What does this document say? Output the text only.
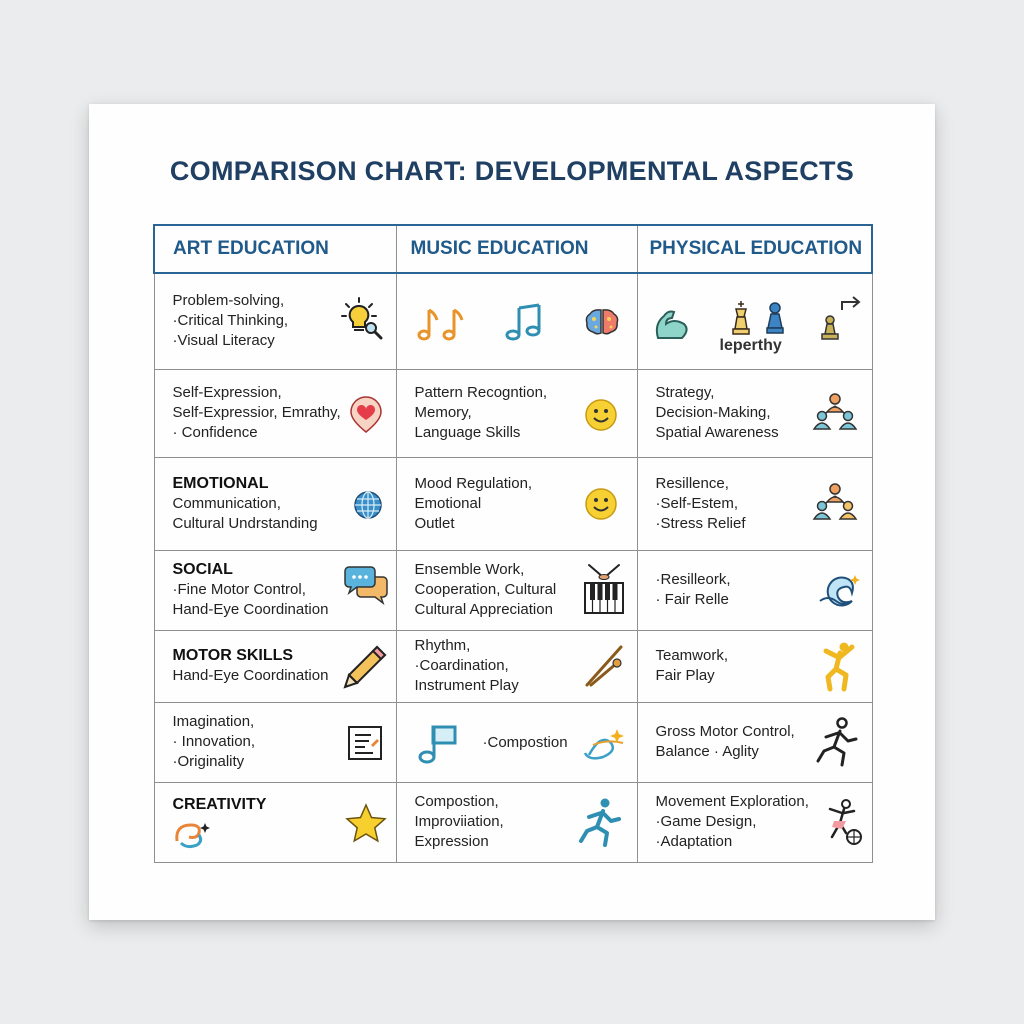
COMPARISON CHART: DEVELOPMENTAL ASPECTS
ART EDUCATION	MUSIC EDUCATION	PHYSICAL EDUCATION

Problem-solving,
·Critical Thinking,
·Visual Literacy		leperthy

Self-Expression,
Self-Expressior, Emrathy,
· Confidence	Pattern Recogntion,
Memory,
Language Skills	Strategy,
Decision-Making,
Spatial Awareness

EMOTIONAL
Communication,
Cultural Undrstanding	Mood Regulation,
Emotional
Outlet	Resillence,
·Self-Estem,
·Stress Relief

SOCIAL
·Fine Motor Control,
Hand-Eye Coordination	Ensemble Work,
Cooperation, Cultural
Cultural Appreciation	·Resilleork,
· Fair Relle

MOTOR SKILLS
Hand-Eye Coordination	Rhythm,
·Coardination,
Instrument Play	Teamwork,
Fair Play

Imagination,
· Innovation,
·Originality	·Compostion	Gross Motor Control,
Balance · Aglity

CREATIVITY	Compostion,
Improviiation,
Expression	Movement Exploration,
·Game Design,
·Adaptation
